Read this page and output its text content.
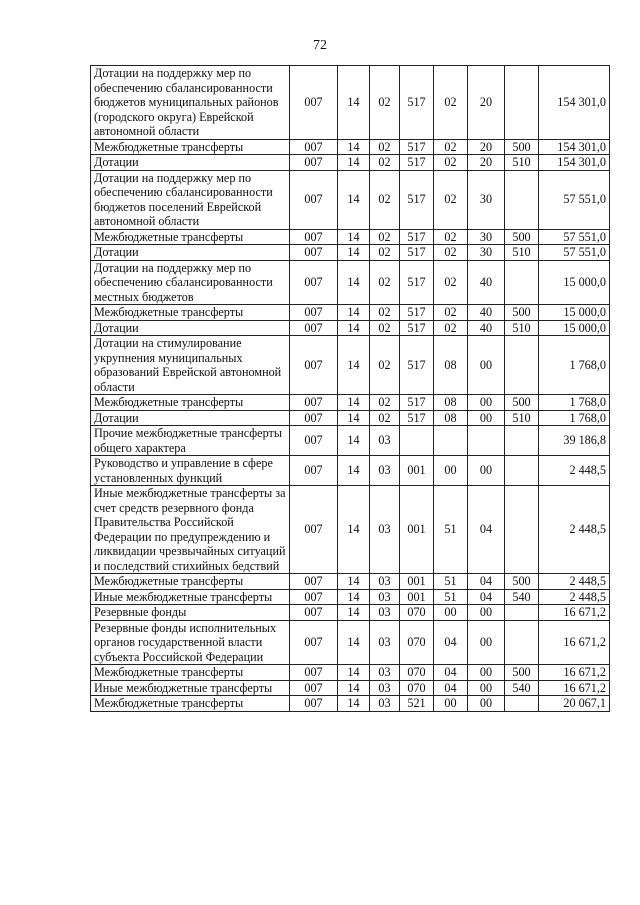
72
Дотации на поддержку мер по обеспечению сбалансированности бюджетов муниципальных районов (городского округа) Еврейской автономной области	007	14	02	517	02	20		154 301,0
Межбюджетные трансферты	007	14	02	517	02	20	500	154 301,0
Дотации	007	14	02	517	02	20	510	154 301,0
Дотации на поддержку мер по обеспечению сбалансированности бюджетов поселений Еврейской автономной области	007	14	02	517	02	30		57 551,0
Межбюджетные трансферты	007	14	02	517	02	30	500	57 551,0
Дотации	007	14	02	517	02	30	510	57 551,0
Дотации на поддержку мер по обеспечению сбалансированности местных бюджетов	007	14	02	517	02	40		15 000,0
Межбюджетные трансферты	007	14	02	517	02	40	500	15 000,0
Дотации	007	14	02	517	02	40	510	15 000,0
Дотации на стимулирование укрупнения муниципальных образований Еврейской автономной области	007	14	02	517	08	00		1 768,0
Межбюджетные трансферты	007	14	02	517	08	00	500	1 768,0
Дотации	007	14	02	517	08	00	510	1 768,0
Прочие межбюджетные трансферты общего характера	007	14	03					39 186,8
Руководство и управление в сфере установленных функций	007	14	03	001	00	00		2 448,5
Иные межбюджетные трансферты за счет средств резервного фонда Правительства Российской Федерации по предупреждению и ликвидации чрезвычайных ситуаций и последствий стихийных бедствий	007	14	03	001	51	04		2 448,5
Межбюджетные трансферты	007	14	03	001	51	04	500	2 448,5
Иные межбюджетные трансферты	007	14	03	001	51	04	540	2 448,5
Резервные фонды	007	14	03	070	00	00		16 671,2
Резервные фонды исполнительных органов государственной власти субъекта Российской Федерации	007	14	03	070	04	00		16 671,2
Межбюджетные трансферты	007	14	03	070	04	00	500	16 671,2
Иные межбюджетные трансферты	007	14	03	070	04	00	540	16 671,2
Межбюджетные трансферты	007	14	03	521	00	00		20 067,1
